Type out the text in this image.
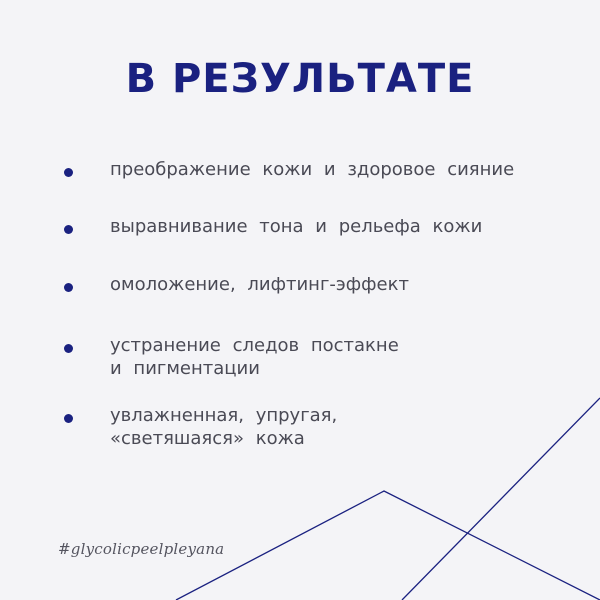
В РЕЗУЛЬТАТЕ
преображение кожи и здоровое сияние
выравнивание тона и рельефа кожи
омоложение, лифтинг-эффект
устранение следов постакне
и пигментации
увлажненная, упругая,
«светяшаяся» кожа
#glycolicpeelpleyana
